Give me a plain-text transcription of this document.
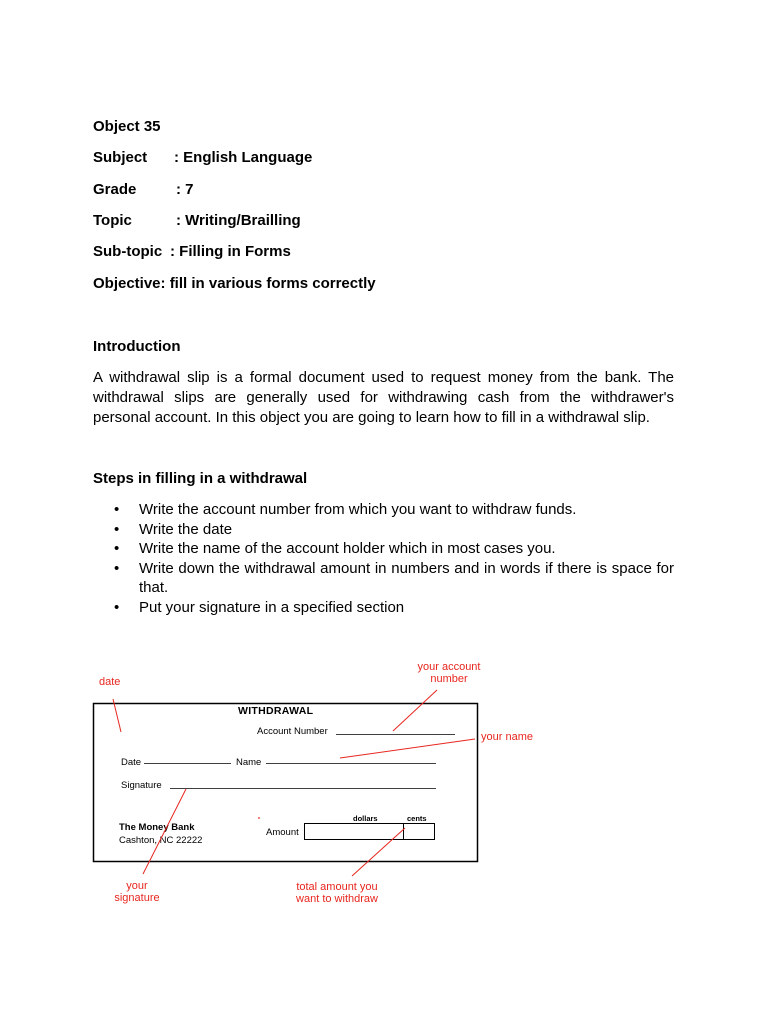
Object 35
Subject : English Language
Grade	: 7
Topic	: Writing/Brailling
Sub-topic : Filling in Forms
Objective: fill in various forms correctly
Introduction
A withdrawal slip is a formal document used to request money from the bank. The withdrawal slips are generally used for withdrawing cash from the withdrawer's personal account. In this object you are going to learn how to fill in a withdrawal slip.
Steps in filling in a withdrawal
• Write the account number from which you want to withdraw funds.
• Write the date
• Write the name of the account holder which in most cases you.
• Write down the withdrawal amount in numbers and in words if there is space for that.
• Put your signature in a specified section
WITHDRAWAL
Account Number
Date	Name
Signature
The Money Bank
Cashton, NC 22222
dollars	cents
Amount
date
your account
number
your name
your
signature
total amount you
want to withdraw
